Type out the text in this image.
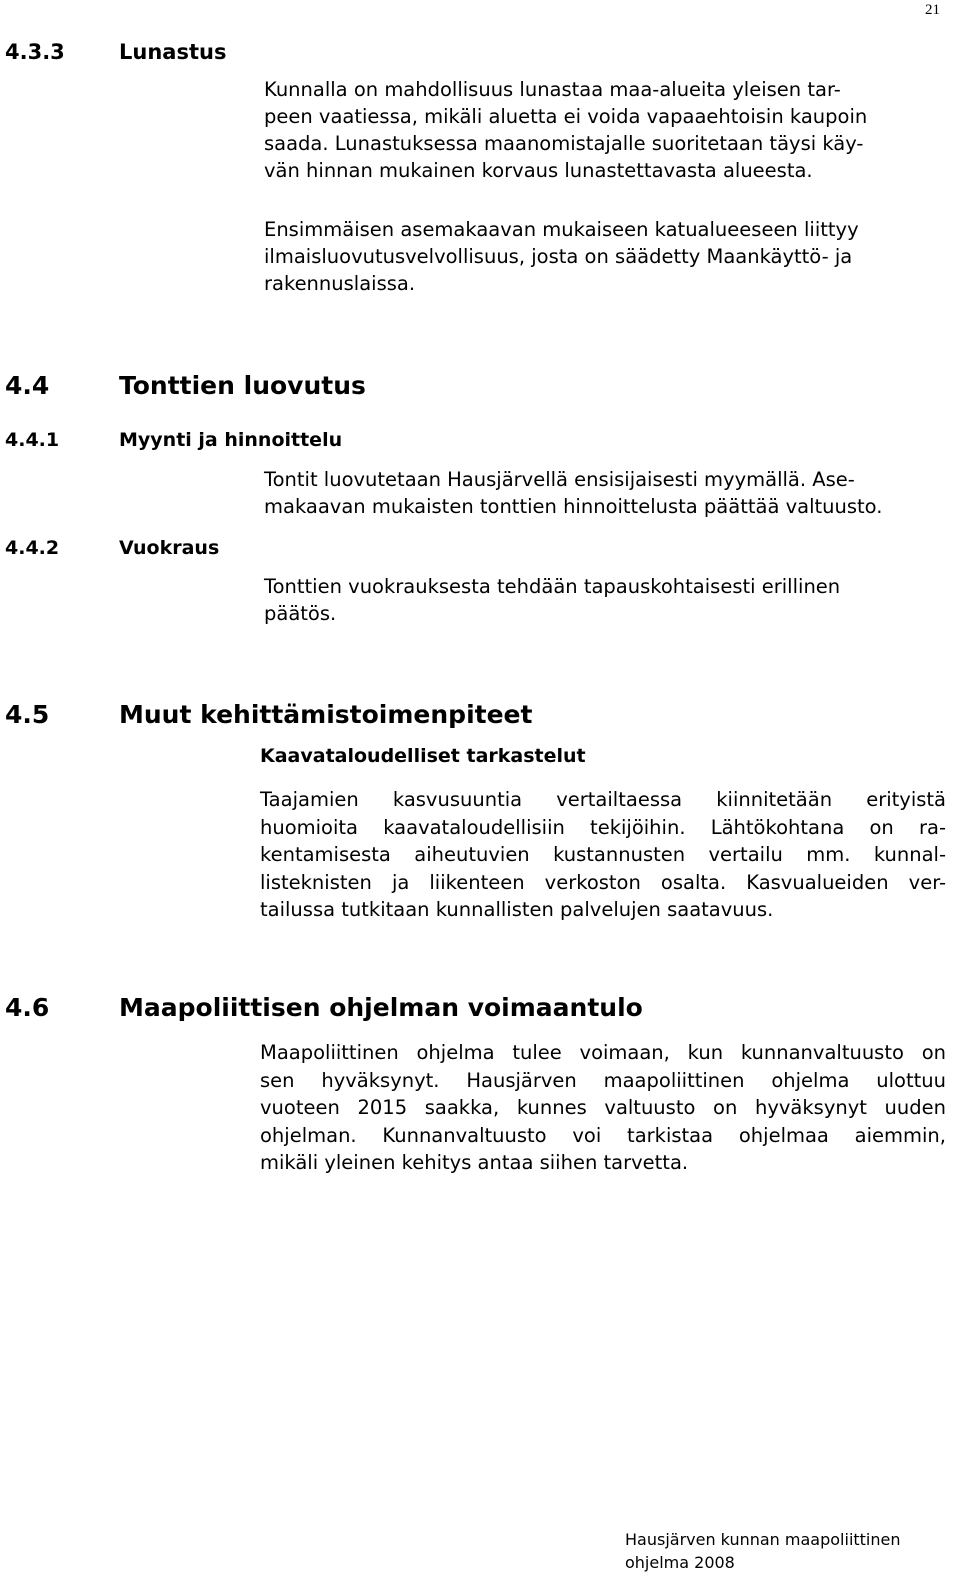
21
4.3.3	Lunastus
Kunnalla on mahdollisuus lunastaa maa-alueita yleisen tar-
peen vaatiessa, mikäli aluetta ei voida vapaaehtoisin kaupoin
saada. Lunastuksessa maanomistajalle suoritetaan täysi käy-
vän hinnan mukainen korvaus lunastettavasta alueesta.
Ensimmäisen asemakaavan mukaiseen katualueeseen liittyy
ilmaisluovutusvelvollisuus, josta on säädetty Maankäyttö- ja
rakennuslaissa.
4.4	Tonttien luovutus
4.4.1	Myynti ja hinnoittelu
Tontit luovutetaan Hausjärvellä ensisijaisesti myymällä. Ase-
makaavan mukaisten tonttien hinnoittelusta päättää valtuusto.
4.4.2	Vuokraus
Tonttien vuokrauksesta tehdään tapauskohtaisesti erillinen
päätös.
4.5	Muut kehittämistoimenpiteet
Kaavataloudelliset tarkastelut
Taajamien kasvusuuntia vertailtaessa kiinnitetään erityistä
huomioita kaavataloudellisiin tekijöihin. Lähtökohtana on ra-
kentamisesta aiheutuvien kustannusten vertailu mm. kunnal-
listeknisten ja liikenteen verkoston osalta. Kasvualueiden ver-
tailussa tutkitaan kunnallisten palvelujen saatavuus.
4.6	Maapoliittisen ohjelman voimaantulo
Maapoliittinen ohjelma tulee voimaan, kun kunnanvaltuusto on
sen hyväksynyt. Hausjärven maapoliittinen ohjelma ulottuu
vuoteen 2015 saakka, kunnes valtuusto on hyväksynyt uuden
ohjelman. Kunnanvaltuusto voi tarkistaa ohjelmaa aiemmin,
mikäli yleinen kehitys antaa siihen tarvetta.
Hausjärven kunnan maapoliittinen
ohjelma 2008
